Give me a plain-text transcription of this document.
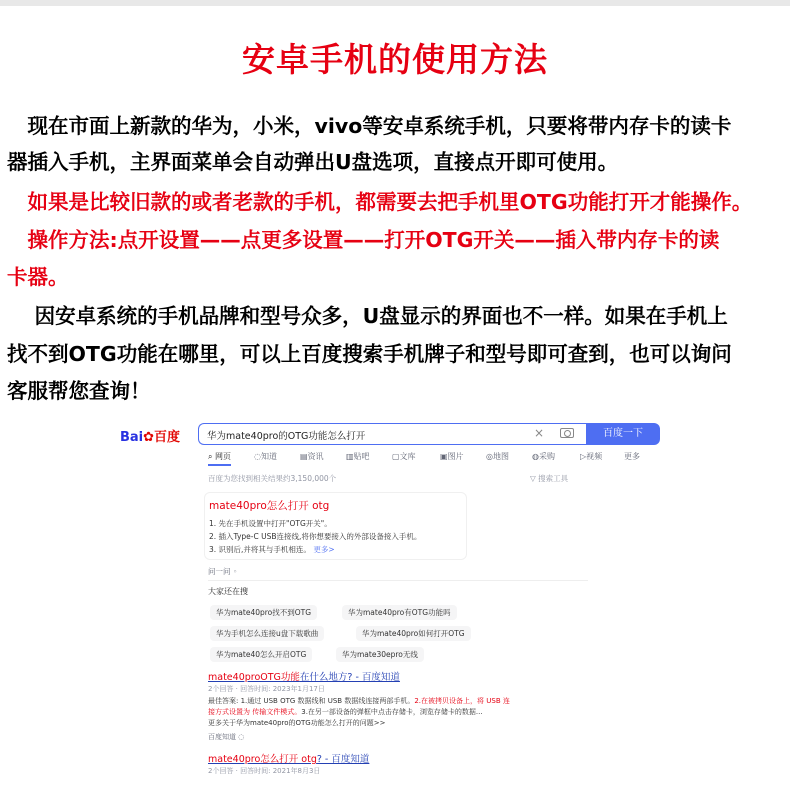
安卓手机的使用方法
　现在市面上新款的华为，小米，vivo等安卓系统手机，只要将带内存卡的读卡
器插入手机，主界面菜单会自动弹出U盘选项，直接点开即可使用。
　如果是比较旧款的或者老款的手机，都需要去把手机里OTG功能打开才能操作。
　操作方法:点开设置——点更多设置——打开OTG开关——插入带内存卡的读
卡器。
　 因安卓系统的手机品牌和型号众多，U盘显示的界面也不一样。如果在手机上
找不到OTG功能在哪里，可以上百度搜索手机牌子和型号即可查到，也可以询问
客服帮您查询！
Bai✿百度
华为mate40pro的OTG功能怎么打开	×	百度一下
⌕ 网页	◌知道	▤资讯	▥贴吧	▢文库	▣图片	◎地图	◍采购	▷视频	更多
百度为您找到相关结果约3,150,000个	▽ 搜索工具
mate40pro怎么打开 otg
1. 先在手机设置中打开"OTG开关"。
2. 插入Type-C USB连接线,将你想要接入的外部设备接入手机。
3. 识别后,并将其与手机相连。 更多>
问一问 ◦
大家还在搜
华为mate40pro找不到OTG	华为mate40pro有OTG功能吗
华为手机怎么连接u盘下载歌曲	华为mate40pro如何打开OTG
华为mate40怎么开启OTG	华为mate30epro无线
mate40proOTG功能在什么地方? - 百度知道
2个回答 · 回答时间: 2023年1月17日
最佳答案: 1.通过 USB OTG 数据线和 USB 数据线连接两部手机。2.在被拷贝设备上，将 USB 连
接方式设置为 传输文件模式。3.在另一部设备的弹框中点击存储卡，浏览存储卡的数据...
更多关于华为mate40pro的OTG功能怎么打开的问题>>
百度知道 ◌
mate40pro怎么打开 otg? - 百度知道
2个回答 · 回答时间: 2021年8月3日
